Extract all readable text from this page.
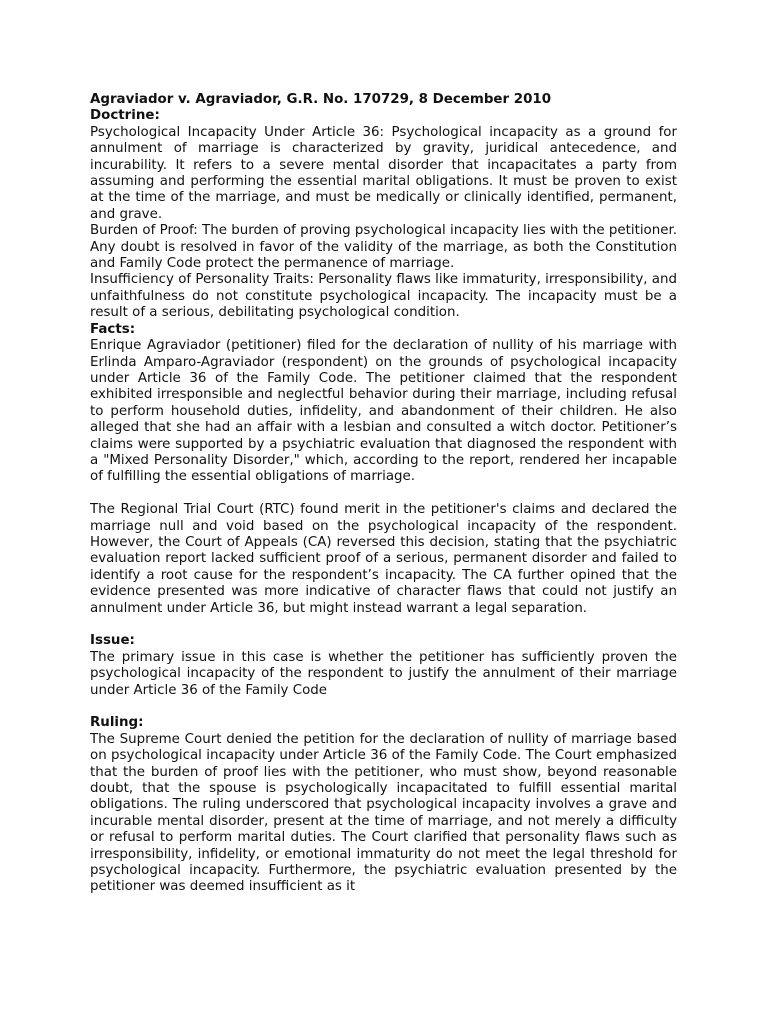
Agraviador v. Agraviador, G.R. No. 170729, 8 December 2010

Doctrine:

Psychological Incapacity Under Article 36: Psychological incapacity as a ground for annulment of marriage is characterized by gravity, juridical antecedence, and incurability. It refers to a severe mental disorder that incapacitates a party from assuming and performing the essential marital obligations. It must be proven to exist at the time of the marriage, and must be medically or clinically identified, permanent, and grave.

Burden of Proof: The burden of proving psychological incapacity lies with the petitioner. Any doubt is resolved in favor of the validity of the marriage, as both the Constitution and Family Code protect the permanence of marriage.

Insufficiency of Personality Traits: Personality flaws like immaturity, irresponsibility, and unfaithfulness do not constitute psychological incapacity. The incapacity must be a result of a serious, debilitating psychological condition.

Facts:

Enrique Agraviador (petitioner) filed for the declaration of nullity of his marriage with Erlinda Amparo-Agraviador (respondent) on the grounds of psychological incapacity under Article 36 of the Family Code. The petitioner claimed that the respondent exhibited irresponsible and neglectful behavior during their marriage, including refusal to perform household duties, infidelity, and abandonment of their children. He also alleged that she had an affair with a lesbian and consulted a witch doctor. Petitioner’s claims were supported by a psychiatric evaluation that diagnosed the respondent with a "Mixed Personality Disorder," which, according to the report, rendered her incapable of fulfilling the essential obligations of marriage.

The Regional Trial Court (RTC) found merit in the petitioner's claims and declared the marriage null and void based on the psychological incapacity of the respondent. However, the Court of Appeals (CA) reversed this decision, stating that the psychiatric evaluation report lacked sufficient proof of a serious, permanent disorder and failed to identify a root cause for the respondent’s incapacity. The CA further opined that the evidence presented was more indicative of character flaws that could not justify an annulment under Article 36, but might instead warrant a legal separation.

Issue:

The primary issue in this case is whether the petitioner has sufficiently proven the psychological incapacity of the respondent to justify the annulment of their marriage under Article 36 of the Family Code

Ruling:

The Supreme Court denied the petition for the declaration of nullity of marriage based on psychological incapacity under Article 36 of the Family Code. The Court emphasized that the burden of proof lies with the petitioner, who must show, beyond reasonable doubt, that the spouse is psychologically incapacitated to fulfill essential marital obligations. The ruling underscored that psychological incapacity involves a grave and incurable mental disorder, present at the time of marriage, and not merely a difficulty or refusal to perform marital duties. The Court clarified that personality flaws such as irresponsibility, infidelity, or emotional immaturity do not meet the legal threshold for psychological incapacity. Furthermore, the psychiatric evaluation presented by the petitioner was deemed insufficient as it
